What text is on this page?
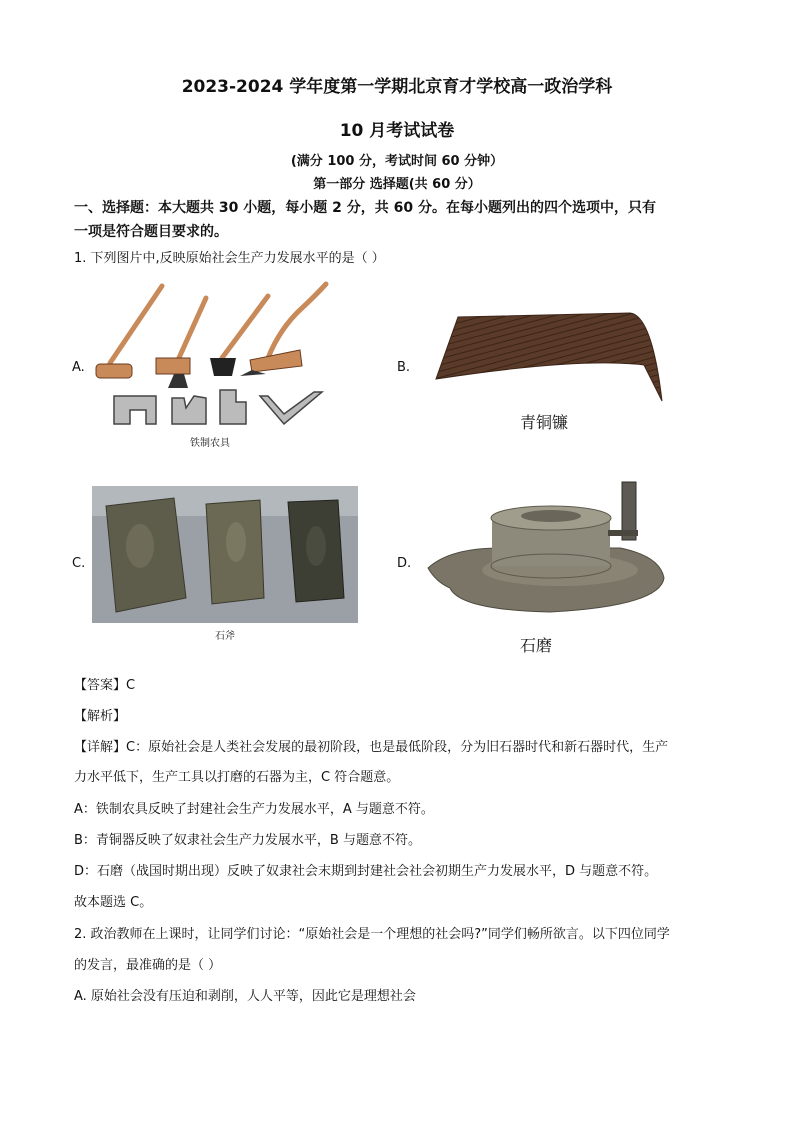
2023-2024 学年度第一学期北京育才学校高一政治学科
10 月考试试卷
(满分 100 分，考试时间 60 分钟）
第一部分 选择题(共 60 分）
一、选择题：本大题共 30 小题，每小题 2 分，共 60 分。在每小题列出的四个选项中，只有
一项是符合题目要求的。
1. 下列图片中,反映原始社会生产力发展水平的是（ ）
A.
铁制农具
B.
青铜镰
C.
石斧
D.
石磨
【答案】C
【解析】
【详解】C：原始社会是人类社会发展的最初阶段，也是最低阶段，分为旧石器时代和新石器时代，生产
力水平低下，生产工具以打磨的石器为主，C 符合题意。
A：铁制农具反映了封建社会生产力发展水平，A 与题意不符。
B：青铜器反映了奴隶社会生产力发展水平，B 与题意不符。
D：石磨（战国时期出现）反映了奴隶社会末期到封建社会社会初期生产力发展水平，D 与题意不符。
故本题选 C。
2. 政治教师在上课时，让同学们讨论：“原始社会是一个理想的社会吗?”同学们畅所欲言。以下四位同学
的发言，最准确的是（ ）
A. 原始社会没有压迫和剥削，人人平等，因此它是理想社会
